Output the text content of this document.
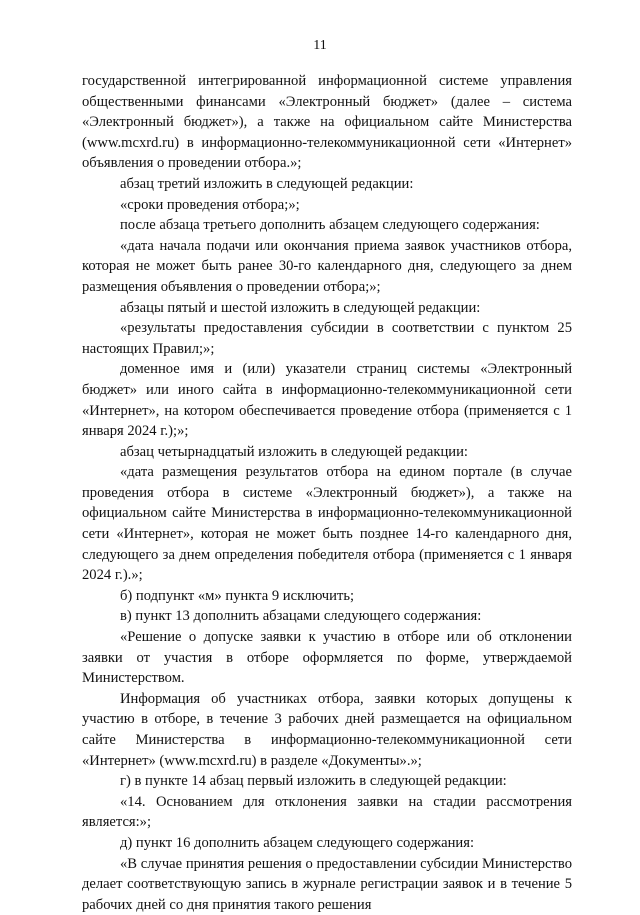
11

государственной интегрированной информационной системе управления общественными финансами «Электронный бюджет» (далее – система «Электронный бюджет»), а также на официальном сайте Министерства (www.mcxrd.ru) в информационно-телекоммуникационной сети «Интернет» объявления о проведении отбора.»;

абзац третий изложить в следующей редакции:

«сроки проведения отбора;»;

после абзаца третьего дополнить абзацем следующего содержания:

«дата начала подачи или окончания приема заявок участников отбора, которая не может быть ранее 30-го календарного дня, следующего за днем размещения объявления о проведении отбора;»;

абзацы пятый и шестой изложить в следующей редакции:

«результаты предоставления субсидии в соответствии с пунктом 25 настоящих Правил;»;

доменное имя и (или) указатели страниц системы «Электронный бюджет» или иного сайта в информационно-телекоммуникационной сети «Интернет», на котором обеспечивается проведение отбора (применяется с 1 января 2024 г.);»;

абзац четырнадцатый изложить в следующей редакции:

«дата размещения результатов отбора на едином портале (в случае проведения отбора в системе «Электронный бюджет»), а также на официальном сайте Министерства в информационно-телекоммуникационной сети «Интернет», которая не может быть позднее 14-го календарного дня, следующего за днем определения победителя отбора (применяется с 1 января 2024 г.).»;

б) подпункт «м» пункта 9 исключить;

в) пункт 13 дополнить абзацами следующего содержания:

«Решение о допуске заявки к участию в отборе или об отклонении заявки от участия в отборе оформляется по форме, утверждаемой Министерством.

Информация об участниках отбора, заявки которых допущены к участию в отборе, в течение 3 рабочих дней размещается на официальном сайте Министерства в информационно-телекоммуникационной сети «Интернет» (www.mcxrd.ru) в разделе «Документы».»;

г) в пункте 14 абзац первый изложить в следующей редакции:

«14. Основанием для отклонения заявки на стадии рассмотрения является:»;

д) пункт 16 дополнить абзацем следующего содержания:

«В случае принятия решения о предоставлении субсидии Министерство делает соответствующую запись в журнале регистрации заявок и в течение 5 рабочих дней со дня принятия такого решения
